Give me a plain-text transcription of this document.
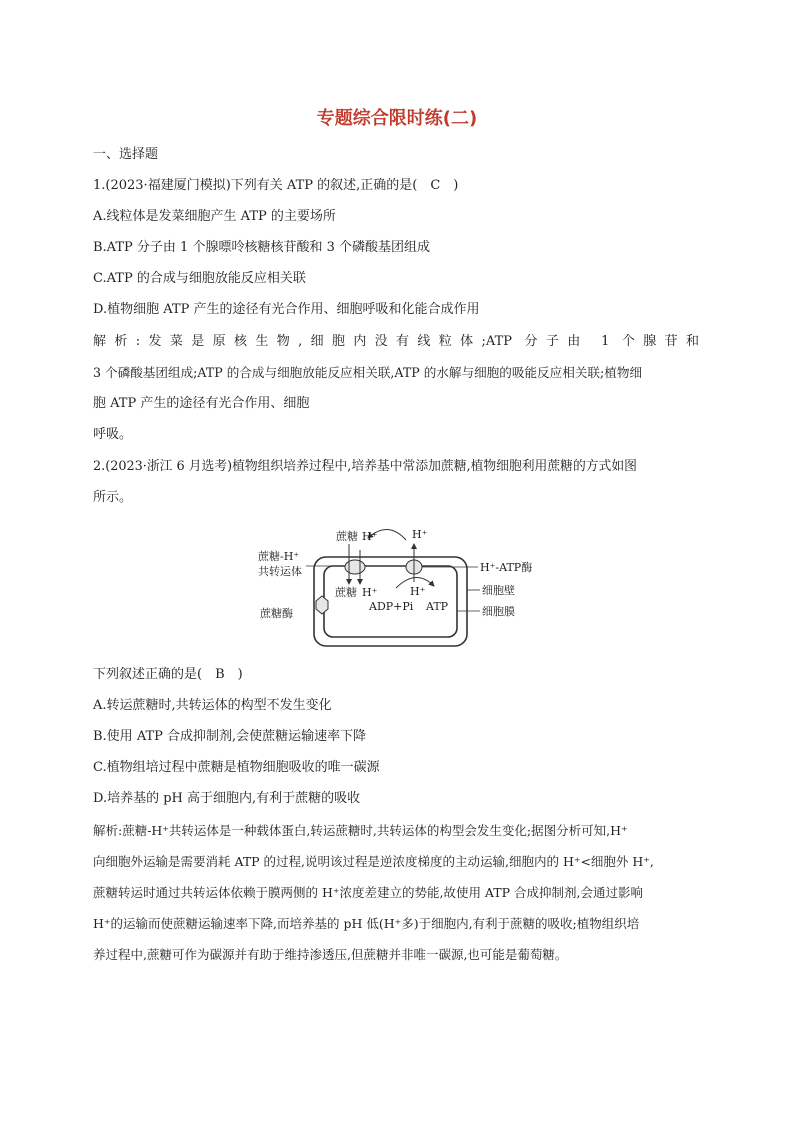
专题综合限时练(二)
一、选择题
1.(2023·福建厦门模拟)下列有关 ATP 的叙述,正确的是(　C　)
A.线粒体是发菜细胞产生 ATP 的主要场所
B.ATP 分子由 1 个腺嘌呤核糖核苷酸和 3 个磷酸基团组成
C.ATP 的合成与细胞放能反应相关联
D.植物细胞 ATP 产生的途径有光合作用、细胞呼吸和化能合成作用
解析:发菜是原核生物,细胞内没有线粒体;ATP 分子由 1 个腺苷和
3 个磷酸基团组成;ATP 的合成与细胞放能反应相关联,ATP 的水解与细胞的吸能反应相关联;植物细
胞 ATP 产生的途径有光合作用、细胞
呼吸。
2.(2023·浙江 6 月选考)植物组织培养过程中,培养基中常添加蔗糖,植物细胞利用蔗糖的方式如图
所示。
蔗糖 H⁺	H⁺
蔗糖-H⁺
共转运体
蔗糖 H⁺	H⁺
ADP+Pi ATP
H⁺-ATP酶
细胞壁
细胞膜
蔗糖酶
下列叙述正确的是(　B　)
A.转运蔗糖时,共转运体的构型不发生变化
B.使用 ATP 合成抑制剂,会使蔗糖运输速率下降
C.植物组培过程中蔗糖是植物细胞吸收的唯一碳源
D.培养基的 pH 高于细胞内,有利于蔗糖的吸收
解析:蔗糖-H⁺共转运体是一种载体蛋白,转运蔗糖时,共转运体的构型会发生变化;据图分析可知,H⁺
向细胞外运输是需要消耗 ATP 的过程,说明该过程是逆浓度梯度的主动运输,细胞内的 H⁺<细胞外 H⁺,
蔗糖转运时通过共转运体依赖于膜两侧的 H⁺浓度差建立的势能,故使用 ATP 合成抑制剂,会通过影响
H⁺的运输而使蔗糖运输速率下降,而培养基的 pH 低(H⁺多)于细胞内,有利于蔗糖的吸收;植物组织培
养过程中,蔗糖可作为碳源并有助于维持渗透压,但蔗糖并非唯一碳源,也可能是葡萄糖。
